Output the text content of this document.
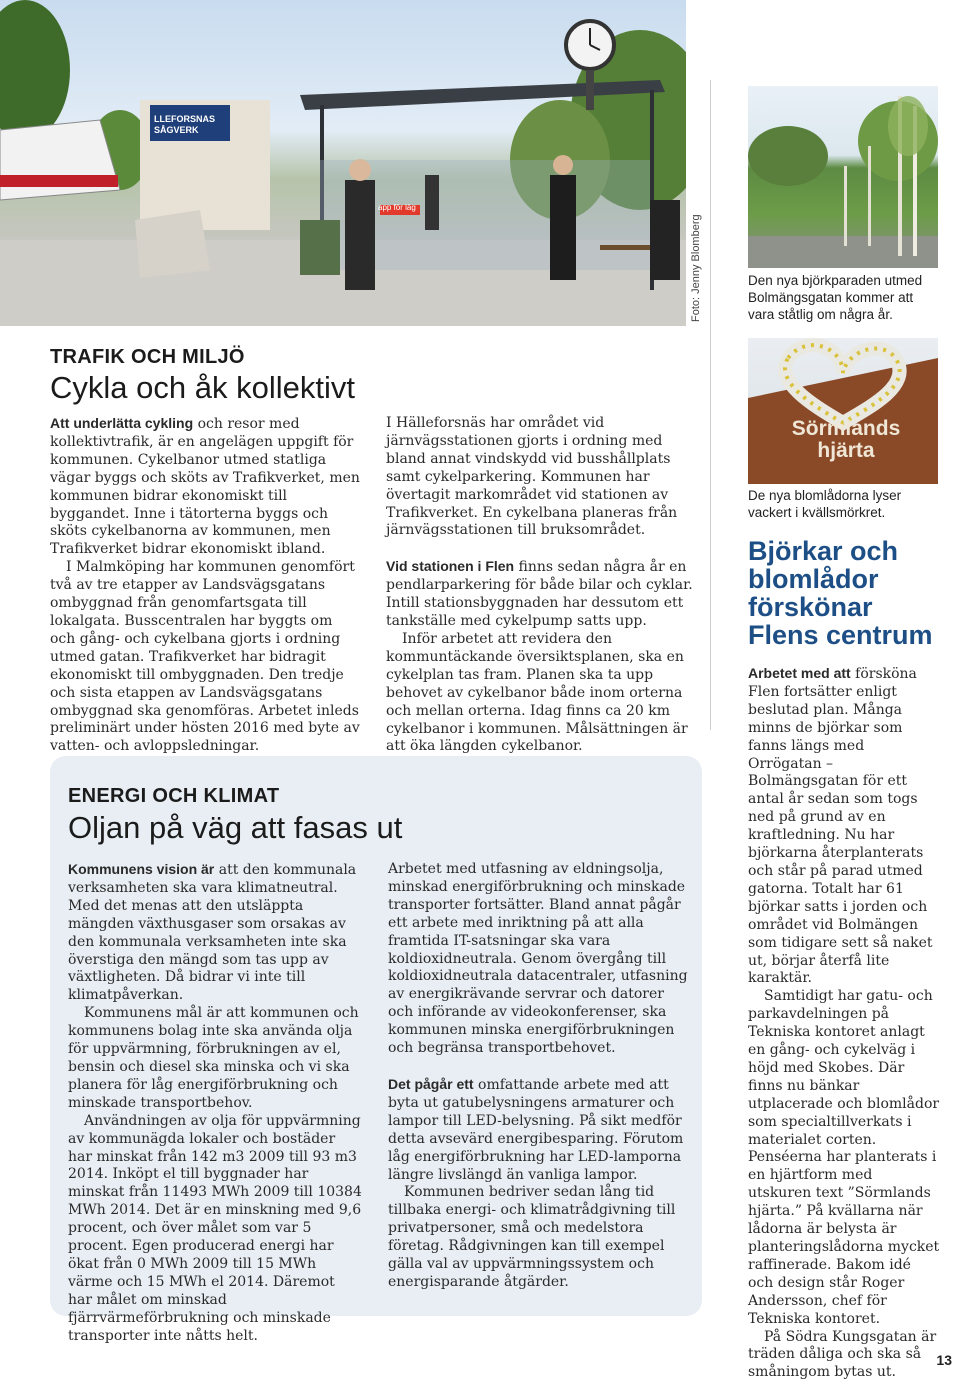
LLEFORSNAS SÅGVERK
app för läg
Foto: Jenny Blomberg	Den nya björkparaden utmed Bolmängsgatan kommer att vara ståtlig om några år.
Sörmlands hjärta
De nya blomlådorna lyser vackert i kvällsmörkret.
TRAFIK OCH MILJÖ
Cykla och åk kollektivt

Att underlätta cykling och resor med kollektivtrafik, är en angelägen uppgift för kommunen. Cykelbanor utmed statliga vägar byggs och sköts av Trafikverket, men kommunen bidrar ekonomiskt till byggandet. Inne i tätorterna byggs och sköts cykelbanorna av kommunen, men Trafikverket bidrar ekonomiskt ibland.

I Malmköping har kommunen genomfört två av tre etapper av Landsvägsgatans ombyggnad från genomfartsgata till lokalgata. Busscentralen har byggts om och gång- och cykelbana gjorts i ordning utmed gatan. Trafikverket har bidragit ekonomiskt till ombyggnaden. Den tredje och sista etappen av Landsvägsgatans ombyggnad ska genomföras. Arbetet inleds preliminärt under hösten 2016 med byte av vatten- och avloppsledningar.

I Hälleforsnäs har området vid järnvägsstationen gjorts i ordning med bland annat vindskydd vid busshållplats samt cykelparkering. Kommunen har övertagit markområdet vid stationen av Trafikverket. En cykelbana planeras från järnvägsstationen till bruksområdet.

Vid stationen i Flen finns sedan några år en pendlarparkering för både bilar och cyklar. Intill stationsbyggnaden har dessutom ett tankställe med cykelpump satts upp.

Inför arbetet att revidera den kommuntäckande översiktsplanen, ska en cykelplan tas fram. Planen ska ta upp behovet av cykelbanor både inom orterna och mellan orterna. Idag finns ca 20 km cykelbanor i kommunen. Målsättningen är att öka längden cykelbanor.

ENERGI OCH KLIMAT
Oljan på väg att fasas ut

Kommunens vision är att den kommunala verksamheten ska vara klimatneutral. Med det menas att den utsläppta mängden växthusgaser som orsakas av den kommunala verksamheten inte ska överstiga den mängd som tas upp av växtligheten. Då bidrar vi inte till klimatpåverkan.

Kommunens mål är att kommunen och kommunens bolag inte ska använda olja för uppvärmning, förbrukningen av el, bensin och diesel ska minska och vi ska planera för låg energiförbrukning och minskade transportbehov.

Användningen av olja för uppvärmning av kommunägda lokaler och bostäder har minskat från 142 m3 2009 till 93 m3 2014. Inköpt el till byggnader har minskat från 11493 MWh 2009 till 10384 MWh 2014. Det är en minskning med 9,6 procent, och över målet som var 5 procent. Egen producerad energi har ökat från 0 MWh 2009 till 15 MWh värme och 15 MWh el 2014. Däremot har målet om minskad fjärrvärmeförbrukning och minskade transporter inte nåtts helt.

Arbetet med utfasning av eldningsolja, minskad energiförbrukning och minskade transporter fortsätter. Bland annat pågår ett arbete med inriktning på att alla framtida IT-satsningar ska vara koldioxidneutrala. Genom övergång till koldioxidneutrala datacentraler, utfasning av energikrävande servrar och datorer och införande av videokonferenser, ska kommunen minska energiförbrukningen och begränsa transportbehovet.

Det pågår ett omfattande arbete med att byta ut gatubelysningens armaturer och lampor till LED-belysning. På sikt medför detta avsevärd energibesparing. Förutom låg energiförbrukning har LED-lamporna längre livslängd än vanliga lampor.

Kommunen bedriver sedan lång tid tillbaka energi- och klimatrådgivning till privatpersoner, små och medelstora företag. Rådgivningen kan till exempel gälla val av uppvärmningssystem och energisparande åtgärder.

Björkar och blomlådor förskönar Flens centrum

Arbetet med att försköna Flen fortsätter enligt beslutad plan. Många minns de björkar som fanns längs med Orrögatan – Bolmängsgatan för ett antal år sedan som togs ned på grund av en kraftledning. Nu har björkarna återplanterats och står på parad utmed gatorna. Totalt har 61 björkar satts i jorden och området vid Bolmängen som tidigare sett så naket ut, börjar återfå lite karaktär.

Samtidigt har gatu- och parkavdelningen på Tekniska kontoret anlagt en gång- och cykelväg i höjd med Skobes. Där finns nu bänkar utplacerade och blomlådor som specialtillverkats i materialet corten. Penséerna har planterats i en hjärtform med utskuren text ”Sörmlands hjärta.” På kvällarna när lådorna är belysta är planteringslådorna mycket raffinerade. Bakom idé och design står Roger Andersson, chef för Tekniska kontoret.

På Södra Kungsgatan är träden dåliga och ska så småningom bytas ut.

13
